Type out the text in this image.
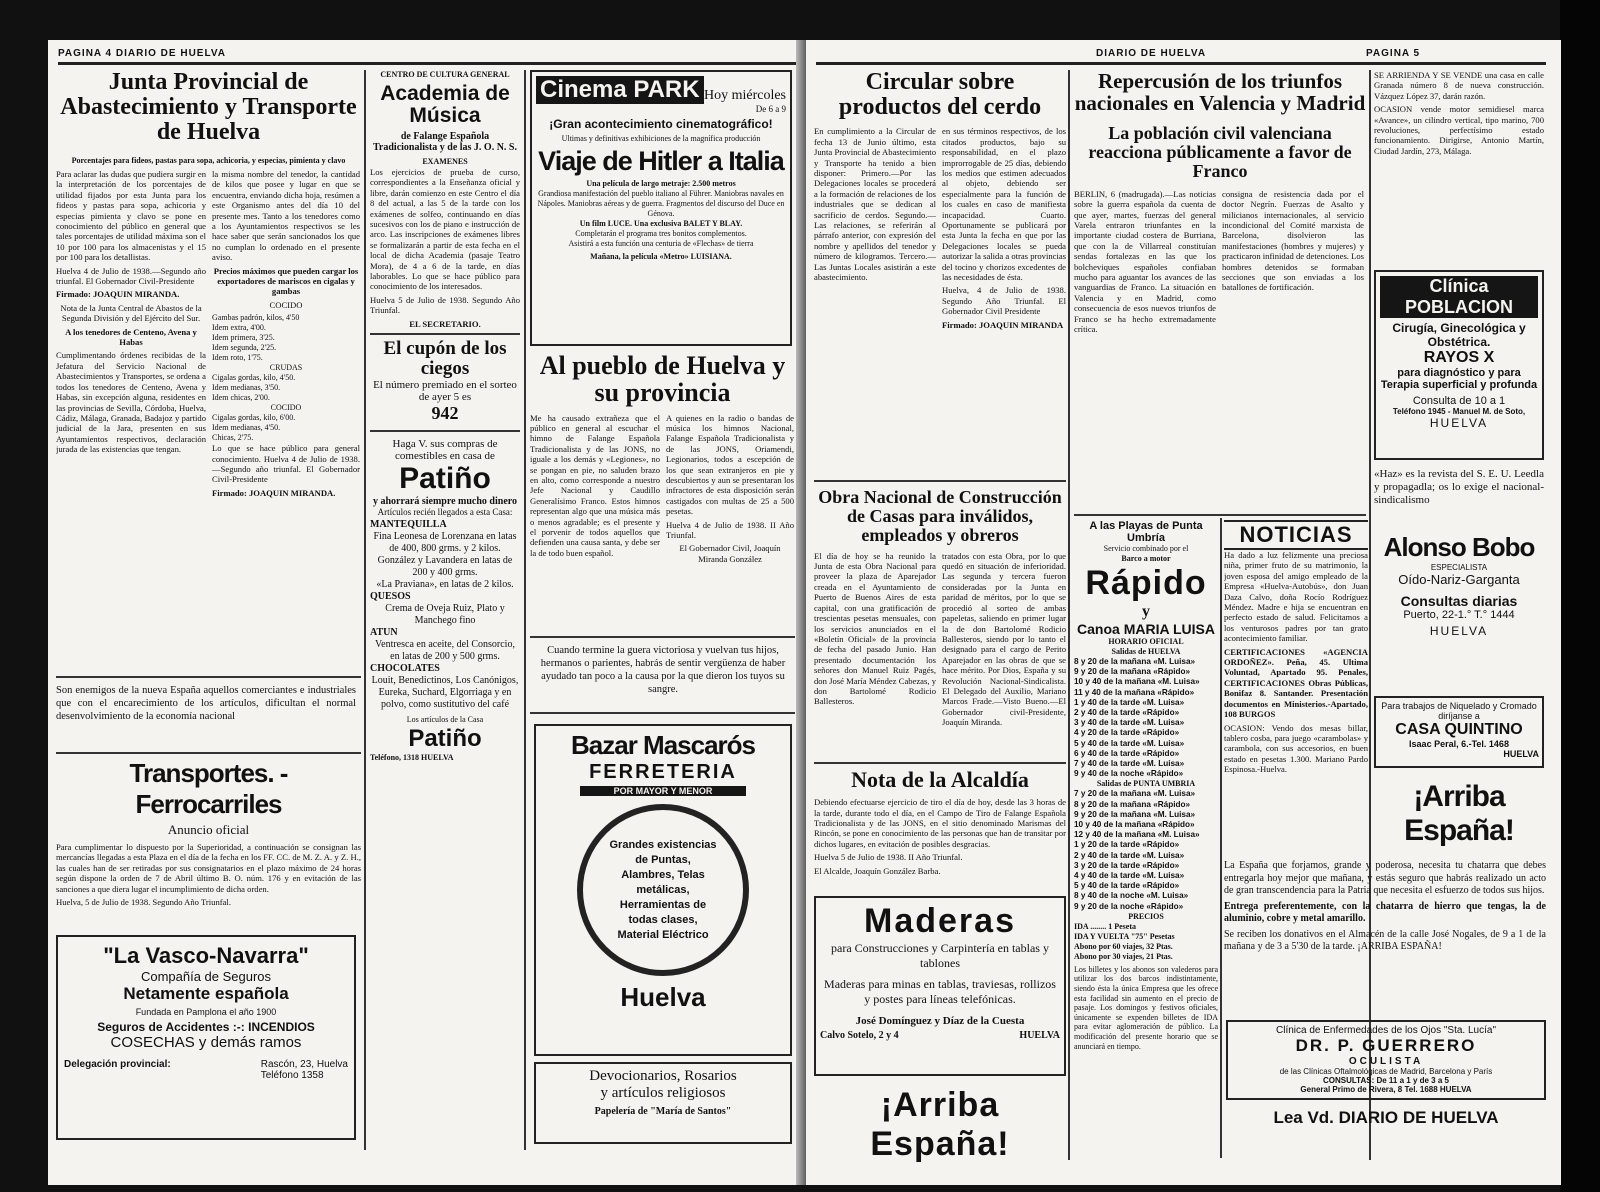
PAGINA 4 DIARIO DE HUELVA
Junta Provincial de Abastecimiento y Transporte de Huelva
Porcentajes para fideos, pastas para sopa, achicoria, y especias, pimienta y clavo

Para aclarar las dudas que pudiera surgir en la interpretación de los porcentajes de utilidad fijados por esta Junta para los fideos y pastas para sopa, achicoria y especias pimienta y clavo se pone en conocimiento del público en general que tales porcentajes de utilidad máxima son el 10 por 100 para los almacenistas y el 15 por 100 para los detallistas.

Huelva 4 de Julio de 1938.—Segundo año triunfal. El Gobernador Civil-Presidente

Firmado: JOAQUIN MIRANDA.

Nota de la Junta Central de Abastos de la Segunda División y del Ejército del Sur.

A los tenedores de Centeno, Avena y Habas

Cumplimentando órdenes recibidas de la Jefatura del Servicio Nacional de Abastecimientos y Transportes, se ordena a todos los tenedores de Centeno, Avena y Habas, sin excepción alguna, residentes en las provincias de Sevilla, Córdoba, Huelva, Cádiz, Málaga, Granada, Badajoz y partido judicial de la Jara, presenten en sus Ayuntamientos respectivos, declaración jurada de las existencias que tengan.

la misma nombre del tenedor, la cantidad de kilos que posee y lugar en que se encuentra, enviando dicha hoja, resúmen a este Organismo antes del día 10 del presente mes. Tanto a los tenedores como a los Ayuntamientos respectivos se les hace saber que serán sancionados los que no cumplan lo ordenado en el presente aviso.

Precios máximos que pueden cargar los exportadores de mariscos en cigalas y gambas

COCIDO

Gambas padrón, kilos, 4'50
Idem extra, 4'00.
Idem primera, 3'25.
Idem segunda, 2'25.
Idem roto, 1'75.
CRUDAS
Cigalas gordas, kilo, 4'50.
Idem medianas, 3'50.
Idem chicas, 2'00.
COCIDO
Cigalas gordas, kilo, 6'00.
Idem medianas, 4'50.
Chicas, 2'75.

Lo que se hace público para general conocimiento. Huelva 4 de Julio de 1938.—Segundo año triunfal. El Gobernador Civil-Presidente

Firmado: JOAQUIN MIRANDA.

Son enemigos de la nueva España aquellos comerciantes e industriales que con el encarecimiento de los artículos, dificultan el normal desenvolvimiento de la economía nacional

Transportes. - Ferrocarriles
Anuncio oficial

Para cumplimentar lo dispuesto por la Superioridad, a continuación se consignan las mercancías llegadas a esta Plaza en el día de la fecha en los FF. CC. de M. Z. A. y Z. H., las cuales han de ser retiradas por sus consignatarios en el plazo máximo de 24 horas según dispone la orden de 7 de Abril último B. O. núm. 176 y en evitación de las sanciones a que diera lugar el incumplimiento de dicha orden.

Huelva, 5 de Julio de 1938. Segundo Año Triunfal.

"La Vasco-Navarra"
Compañía de Seguros
Netamente española
Fundada en Pamplona el año 1900
Seguros de Accidentes :-: INCENDIOS
COSECHAS y demás ramos
Delegación provincial:	Rascón, 23, Huelva
Teléfono 1358
CENTRO DE CULTURA GENERAL
Academia de Música
de Falange Española Tradicionalista y de las J. O. N. S.
EXAMENES

Los ejercicios de prueba de curso, correspondientes a la Enseñanza oficial y libre, darán comienzo en este Centro el día 8 del actual, a las 5 de la tarde con los exámenes de solfeo, continuando en días sucesivos con los de piano e instrucción de arco. Las inscripciones de exámenes libres se formalizarán a partir de esta fecha en el local de dicha Academia (pasaje Teatro Mora), de 4 a 6 de la tarde, en días laborables. Lo que se hace público para conocimiento de los interesados.

Huelva 5 de Julio de 1938. Segundo Año Triunfal.

EL SECRETARIO.

El cupón de los ciegos
El número premiado en el sorteo de ayer 5 es
942
Haga V. sus compras de comestibles en casa de
Patiño
y ahorrará siempre mucho dinero
Artículos recién llegados a esta Casa:
MANTEQUILLA
Fina Leonesa de Lorenzana en latas de 400, 800 grms. y 2 kilos.
González y Lavandera en latas de 200 y 400 grms.
«La Praviana», en latas de 2 kilos.
QUESOS
Crema de Oveja Ruiz, Plato y Manchego fino
ATUN
Ventresca en aceite, del Consorcio, en latas de 200 y 500 grms.
CHOCOLATES
Louit, Benedictinos, Los Canónigos, Eureka, Suchard, Elgorriaga y en polvo, como sustitutivo del café
Los artículos de la Casa
Patiño
Teléfono, 1318 HUELVA
Cinema PARK Hoy miércoles
De 6 a 9
¡Gran acontecimiento cinematográfico!
Ultimas y definitivas exhibiciones de la magnífica producción
Viaje de Hitler a Italia
Una película de largo metraje: 2.500 metros
Grandiosa manifestación del pueblo italiano al Führer. Maniobras navales en Nápoles. Maniobras aéreas y de guerra. Fragmentos del discurso del Duce en Génova.
Un film LUCE. Una exclusiva BALET Y BLAY.
Completarán el programa tres bonitos complementos.
Asistirá a esta función una centuria de «Flechas» de tierra
Mañana, la película «Metro» LUISIANA.
Al pueblo de Huelva y su provincia

Me ha causado extrañeza que el público en general al escuchar el himno de Falange Española Tradicionalista y de las JONS, no iguale a los demás y «Legiones», no se pongan en pie, no saluden brazo en alto, como corresponde a nuestro Jefe Nacional y Caudillo Generalísimo Franco. Estos himnos representan algo que una música más o menos agradable; es el presente y el porvenir de todos aquellos que defienden una causa santa, y debe ser la de todo buen español.

A quienes en la radio o bandas de música los himnos Nacional, Falange Española Tradicionalista y de las JONS, Oriamendi, Legionarios, todos a escepción de los que sean extranjeros en pie y descubiertos y aun se presentaran los infractores de esta disposición serán castigados con multas de 25 a 500 pesetas.

Huelva 4 de Julio de 1938. II Año Triunfal.

El Gobernador Civil, Joaquín Miranda González

Cuando termine la guera victoriosa y vuelvan tus hijos, hermanos o parientes, habrás de sentir vergüenza de haber ayudado tan poco a la causa por la que dieron los tuyos su sangre.

Bazar Mascarós
FERRETERIA
POR MAYOR Y MENOR
Grandes existencias de Puntas, Alambres, Telas metálicas, Herramientas de todas clases, Material Eléctrico
Huelva
Devocionarios, Rosarios
y artículos religiosos
Papelería de "María de Santos"
DIARIO DE HUELVA	PAGINA 5
Circular sobre productos del cerdo

En cumplimiento a la Circular de fecha 13 de Junio último, esta Junta Provincial de Abastecimiento y Transporte ha tenido a bien disponer: Primero.—Por las Delegaciones locales se procederá a la formación de relaciones de los industriales que se dedican al sacrificio de cerdos. Segundo.—Las relaciones, se referirán al párrafo anterior, con expresión del nombre y apellidos del tenedor y número de kilogramos. Tercero.—Las Juntas Locales asistirán a este abastecimiento.

en sus términos respectivos, de los citados productos, bajo su responsabilidad, en el plazo improrrogable de 25 días, debiendo los medios que estimen adecuados al objeto, debiendo ser especialmente para la función de los cuales en caso de manifiesta incapacidad. Cuarto. Oportunamente se publicará por esta Junta la fecha en que por las Delegaciones locales se pueda autorizar la salida a otras provincias del tocino y chorizos excedentes de las necesidades de ésta.

Huelva, 4 de Julio de 1938. Segundo Año Triunfal. El Gobernador Civil Presidente

Firmado: JOAQUIN MIRANDA

Obra Nacional de Construcción de Casas para inválidos, empleados y obreros

El día de hoy se ha reunido la Junta de esta Obra Nacional para proveer la plaza de Aparejador creada en el Ayuntamiento de Puerto de Buenos Aires de esta capital, con una gratificación de trescientas pesetas mensuales, con los servicios anunciados en el «Boletín Oficial» de la provincia de fecha del pasado Junio. Han presentado documentación los señores don Manuel Ruiz Pagés, don José María Méndez Cabezas, y don Bartolomé Rodicio Ballesteros.

tratados con esta Obra, por lo que quedó en situación de inferioridad. Las segunda y tercera fueron consideradas por la Junta en paridad de méritos, por lo que se procedió al sorteo de ambas papeletas, saliendo en primer lugar la de don Bartolomé Rodicio Ballesteros, siendo por lo tanto el designado para el cargo de Perito Aparejador en las obras de que se hace mérito. Por Dios, España y su Revolución Nacional-Sindicalista. El Delegado del Auxilio, Mariano Marcos Frade.—Visto Bueno.—El Gobernador civil-Presidente, Joaquín Miranda.

Nota de la Alcaldía

Debiendo efectuarse ejercicio de tiro el día de hoy, desde las 3 horas de la tarde, durante todo el día, en el Campo de Tiro de Falange Española Tradicionalista y de las JONS, en el sitio denominado Marismas del Rincón, se pone en conocimiento de las personas que han de transitar por dichos lugares, en evitación de posibles desgracias.

Huelva 5 de Julio de 1938. II Año Triunfal.

El Alcalde, Joaquín González Barba.

Maderas
para Construcciones y Carpintería en tablas y tablones
Maderas para minas en tablas, traviesas, rollizos y postes para líneas telefónicas.
José Domínguez y Díaz de la Cuesta
Calvo Sotelo, 2 y 4	HUELVA
¡Arriba España!
Repercusión de los triunfos nacionales en Valencia y Madrid
La población civil valenciana reacciona públicamente a favor de Franco

BERLIN, 6 (madrugada).—Las noticias sobre la guerra española da cuenta de que ayer, martes, fuerzas del general Varela entraron triunfantes en la importante ciudad costera de Burriana, que con la de Villarreal constituían sendas fortalezas en las que los bolcheviques españoles confiaban mucho para aguantar los avances de las vanguardias de Franco. La situación en Valencia y en Madrid, como consecuencia de esos nuevos triunfos de Franco se ha hecho extremadamente crítica.

consigna de resistencia dada por el doctor Negrín. Fuerzas de Asalto y milicianos internacionales, al servicio incondicional del Comité marxista de Barcelona, disolvieron las manifestaciones (hombres y mujeres) y practicaron infinidad de detenciones. Los hombres detenidos se formaban secciones que son enviadas a los batallones de fortificación.

A las Playas de Punta Umbría
Servicio combinado por el
Barco a motor
Rápido
y
Canoa MARIA LUISA
HORARIO OFICIAL
Salidas de HUELVA
8 y 20 de la mañana «M. Luisa»
9 y 20 de la mañana «Rápido»
10 y 40 de la mañana «M. Luisa»
11 y 40 de la mañana «Rápido»
1 y 40 de la tarde «M. Luisa»
2 y 40 de la tarde «Rápido»
3 y 40 de la tarde «M. Luisa»
4 y 20 de la tarde «Rápido»
5 y 40 de la tarde «M. Luisa»
6 y 40 de la tarde «Rápido»
7 y 40 de la tarde «M. Luisa»
9 y 40 de la noche «Rápido»
Salidas de PUNTA UMBRIA
7 y 20 de la mañana «M. Luisa»
8 y 20 de la mañana «Rápido»
9 y 20 de la mañana «M. Luisa»
10 y 40 de la mañana «Rápido»
12 y 40 de la mañana «M. Luisa»
1 y 20 de la tarde «Rápido»
2 y 40 de la tarde «M. Luisa»
3 y 20 de la tarde «Rápido»
4 y 40 de la tarde «M. Luisa»
5 y 40 de la tarde «Rápido»
8 y 40 de la noche «M. Luisa»
9 y 20 de la noche «Rápido»
PRECIOS
IDA ........ 1 Peseta
IDA Y VUELTA "75" Pesetas
Abono por 60 viajes, 32 Ptas.
Abono por 30 viajes, 21 Ptas.

Los billetes y los abonos son valederos para utilizar los dos barcos indistintamente, siendo ésta la única Empresa que les ofrece esta facilidad sin aumento en el precio de pasaje. Los domingos y festivos oficiales, únicamente se expenden billetes de IDA para evitar aglomeración de público. La modificación del presente horario que se anunciará en tiempo.

NOTICIAS

Ha dado a luz felizmente una preciosa niña, primer fruto de su matrimonio, la joven esposa del amigo empleado de la Empresa «Huelva-Autobús», don Juan Daza Calvo, doña Rocío Rodríguez Méndez. Madre e hija se encuentran en perfecto estado de salud. Felicitamos a los venturosos padres por tan grato acontecimiento familiar.

CERTIFICACIONES «AGENCIA ORDOÑEZ». Peña, 45. Ultima Voluntad, Apartado 95. Penales, CERTIFICACIONES Obras Públicas, Bonifaz 8. Santander. Presentación documentos en Ministerios.-Apartado, 108 BURGOS

OCASION: Vendo dos mesas billar, tablero cosba, para juego «carambolas» y carambola, con sus accesorios, en buen estado en pesetas 1.300. Mariano Pardo Espinosa.-Huelva.

SE ARRIENDA Y SE VENDE una casa en calle Granada número 8 de nueva construcción. Vázquez López 37, darán razón.

OCASION vende motor semidiesel marca «Avance», un cilindro vertical, tipo marino, 700 revoluciones, perfectísimo estado funcionamiento. Dirigirse, Antonio Martín, Ciudad Jardín, 273, Málaga.

Clínica POBLACION
Cirugía, Ginecológica y Obstétrica.
RAYOS X
para diagnóstico y para Terapia superficial y profunda
Consulta de 10 a 1
Teléfono 1945 - Manuel M. de Soto,
HUELVA

«Haz» es la revista del S. E. U. Leedla y propagadla; os lo exige el nacional-sindicalismo

Alonso Bobo
ESPECIALISTA
Oído-Nariz-Garganta
Consultas diarias
Puerto, 22-1.° T.° 1444
HUELVA
Para trabajos de Niquelado y Cromado diríjanse a
CASA QUINTINO
Isaac Peral, 6.-Tel. 1468
HUELVA
¡Arriba España!

La España que forjamos, grande y poderosa, necesita tu chatarra que debes entregarla hoy mejor que mañana, y estás seguro que habrás realizado un acto de gran transcendencia para la Patria que necesita el esfuerzo de todos sus hijos.

Entrega preferentemente, con la chatarra de hierro que tengas, la de aluminio, cobre y metal amarillo.

Se reciben los donativos en el Almacén de la calle José Nogales, de 9 a 1 de la mañana y de 3 a 5'30 de la tarde. ¡ARRIBA ESPAÑA!

Clínica de Enfermedades de los Ojos "Sta. Lucía"
DR. P. GUERRERO
OCULISTA
de las Clínicas Oftalmológicas de Madrid, Barcelona y París
CONSULTAS: De 11 a 1 y de 3 a 5
General Primo de Rivera, 8 Tel. 1688 HUELVA
Lea Vd. DIARIO DE HUELVA
